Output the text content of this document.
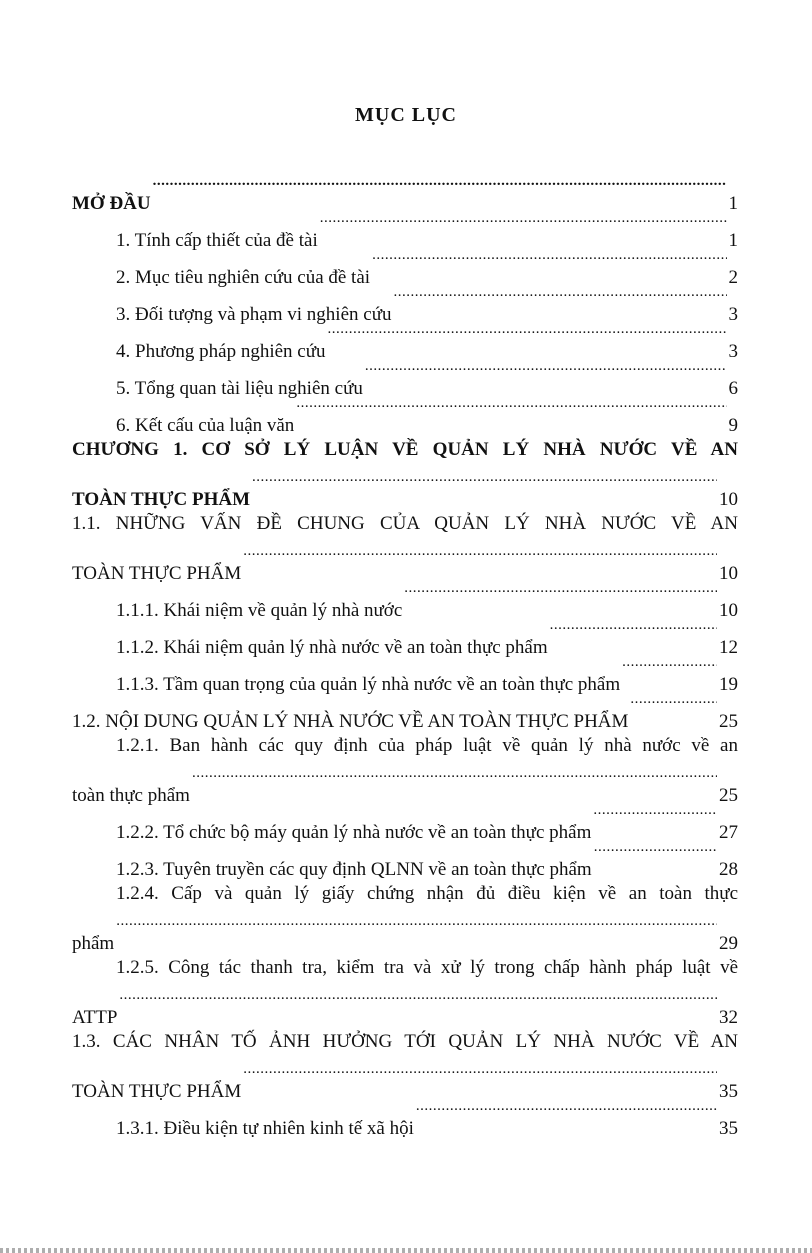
MỤC LỤC
MỞ ĐẦU .....	1
1. Tính cấp thiết của đề tài .....	1
2. Mục tiêu nghiên cứu của đề tài .....	2
3. Đối tượng và phạm vi nghiên cứu .....	3
4. Phương pháp nghiên cứu .....	3
5. Tổng quan tài liệu nghiên cứu .....	6
6. Kết cấu của luận văn .....	9
CHƯƠNG 1. CƠ SỞ LÝ LUẬN VỀ QUẢN LÝ NHÀ NƯỚC VỀ AN
TOÀN THỰC PHẨM .....	10
1.1. NHỮNG VẤN ĐỀ CHUNG CỦA QUẢN LÝ NHÀ NƯỚC VỀ AN
TOÀN THỰC PHẨM .....	10
1.1.1. Khái niệm về quản lý nhà nước .....	10
1.1.2. Khái niệm quản lý nhà nước về an toàn thực phẩm .....	12
1.1.3. Tầm quan trọng của quản lý nhà nước về an toàn thực phẩm .....	19
1.2. NỘI DUNG QUẢN LÝ NHÀ NƯỚC VỀ AN TOÀN THỰC PHẨM .....	25
1.2.1. Ban hành các quy định của pháp luật về quản lý nhà nước về an
toàn thực phẩm .....	25
1.2.2. Tổ chức bộ máy quản lý nhà nước về an toàn thực phẩm .....	27
1.2.3. Tuyên truyền các quy định QLNN về an toàn thực phẩm .....	28
1.2.4. Cấp và quản lý giấy chứng nhận đủ điều kiện về an toàn thực
phẩm .....	29
1.2.5. Công tác thanh tra, kiểm tra và xử lý trong chấp hành pháp luật về
ATTP .....	32
1.3. CÁC NHÂN TỐ ẢNH HƯỞNG TỚI QUẢN LÝ NHÀ NƯỚC VỀ AN
TOÀN THỰC PHẨM .....	35
1.3.1. Điều kiện tự nhiên kinh tế xã hội .....	35
